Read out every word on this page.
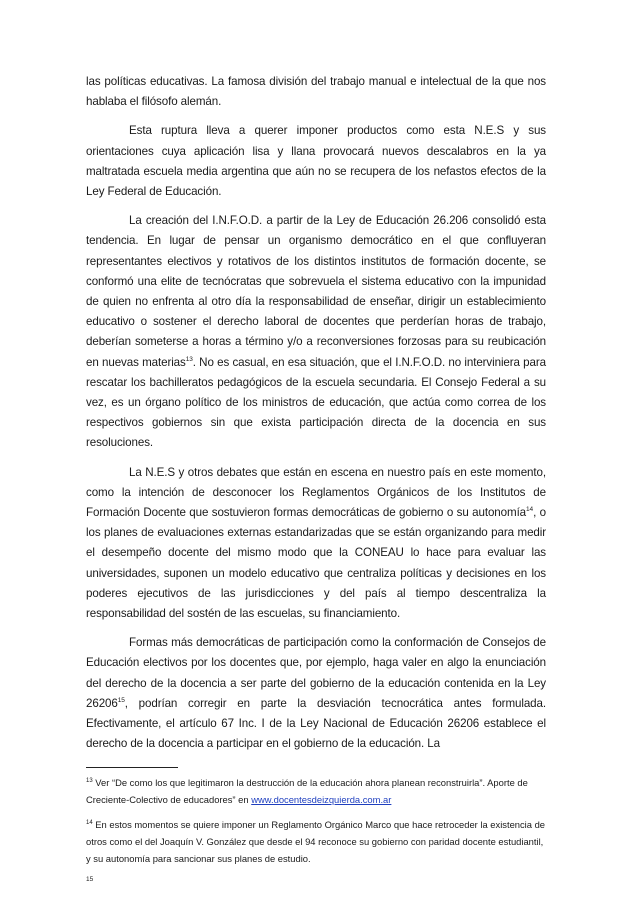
las políticas educativas. La famosa división del trabajo manual e intelectual de la que nos hablaba el filósofo alemán.

Esta ruptura lleva a querer imponer productos como esta N.E.S y sus orientaciones cuya aplicación lisa y llana provocará nuevos descalabros en la ya maltratada escuela media argentina que aún no se recupera de los nefastos efectos de la Ley Federal de Educación.

La creación del I.N.F.O.D. a partir de la Ley de Educación 26.206 consolidó esta tendencia. En lugar de pensar un organismo democrático en el que confluyeran representantes electivos y rotativos de los distintos institutos de formación docente, se conformó una elite de tecnócratas que sobrevuela el sistema educativo con la impunidad de quien no enfrenta al otro día la responsabilidad de enseñar, dirigir un establecimiento educativo o sostener el derecho laboral de docentes que perderían horas de trabajo, deberían someterse a horas a término y/o a reconversiones forzosas para su reubicación en nuevas materias$^{13}$. No es casual, en esa situación, que el I.N.F.O.D. no interviniera para rescatar los bachilleratos pedagógicos de la escuela secundaria. El Consejo Federal a su vez, es un órgano político de los ministros de educación, que actúa como correa de los respectivos gobiernos sin que exista participación directa de la docencia en sus resoluciones.

La N.E.S y otros debates que están en escena en nuestro país en este momento, como la intención de desconocer los Reglamentos Orgánicos de los Institutos de Formación Docente que sostuvieron formas democráticas de gobierno o su autonomía$^{14}$, o los planes de evaluaciones externas estandarizadas que se están organizando para medir el desempeño docente del mismo modo que la CONEAU lo hace para evaluar las universidades, suponen un modelo educativo que centraliza políticas y decisiones en los poderes ejecutivos de las jurisdicciones y del país al tiempo descentraliza la responsabilidad del sostén de las escuelas, su financiamiento.

Formas más democráticas de participación como la conformación de Consejos de Educación electivos por los docentes que, por ejemplo, haga valer en algo la enunciación del derecho de la docencia a ser parte del gobierno de la educación contenida en la Ley 26206$^{15}$, podrían corregir en parte la desviación tecnocrática antes formulada. Efectivamente, el artículo 67 Inc. I de la Ley Nacional de Educación 26206 establece el derecho de la docencia a participar en el gobierno de la educación. La

$^{13}$ Ver “De como los que legitimaron la destrucción de la educación ahora planean reconstruirla”. Aporte de Creciente-Colectivo de educadores” en www.docentesdeizquierda.com.ar

$^{14}$ En estos momentos se quiere imponer un Reglamento Orgánico Marco que hace retroceder la existencia de otros como el del Joaquín V. González que desde el 94 reconoce su gobierno con paridad docente estudiantil, y su autonomía para sancionar sus planes de estudio.

15
